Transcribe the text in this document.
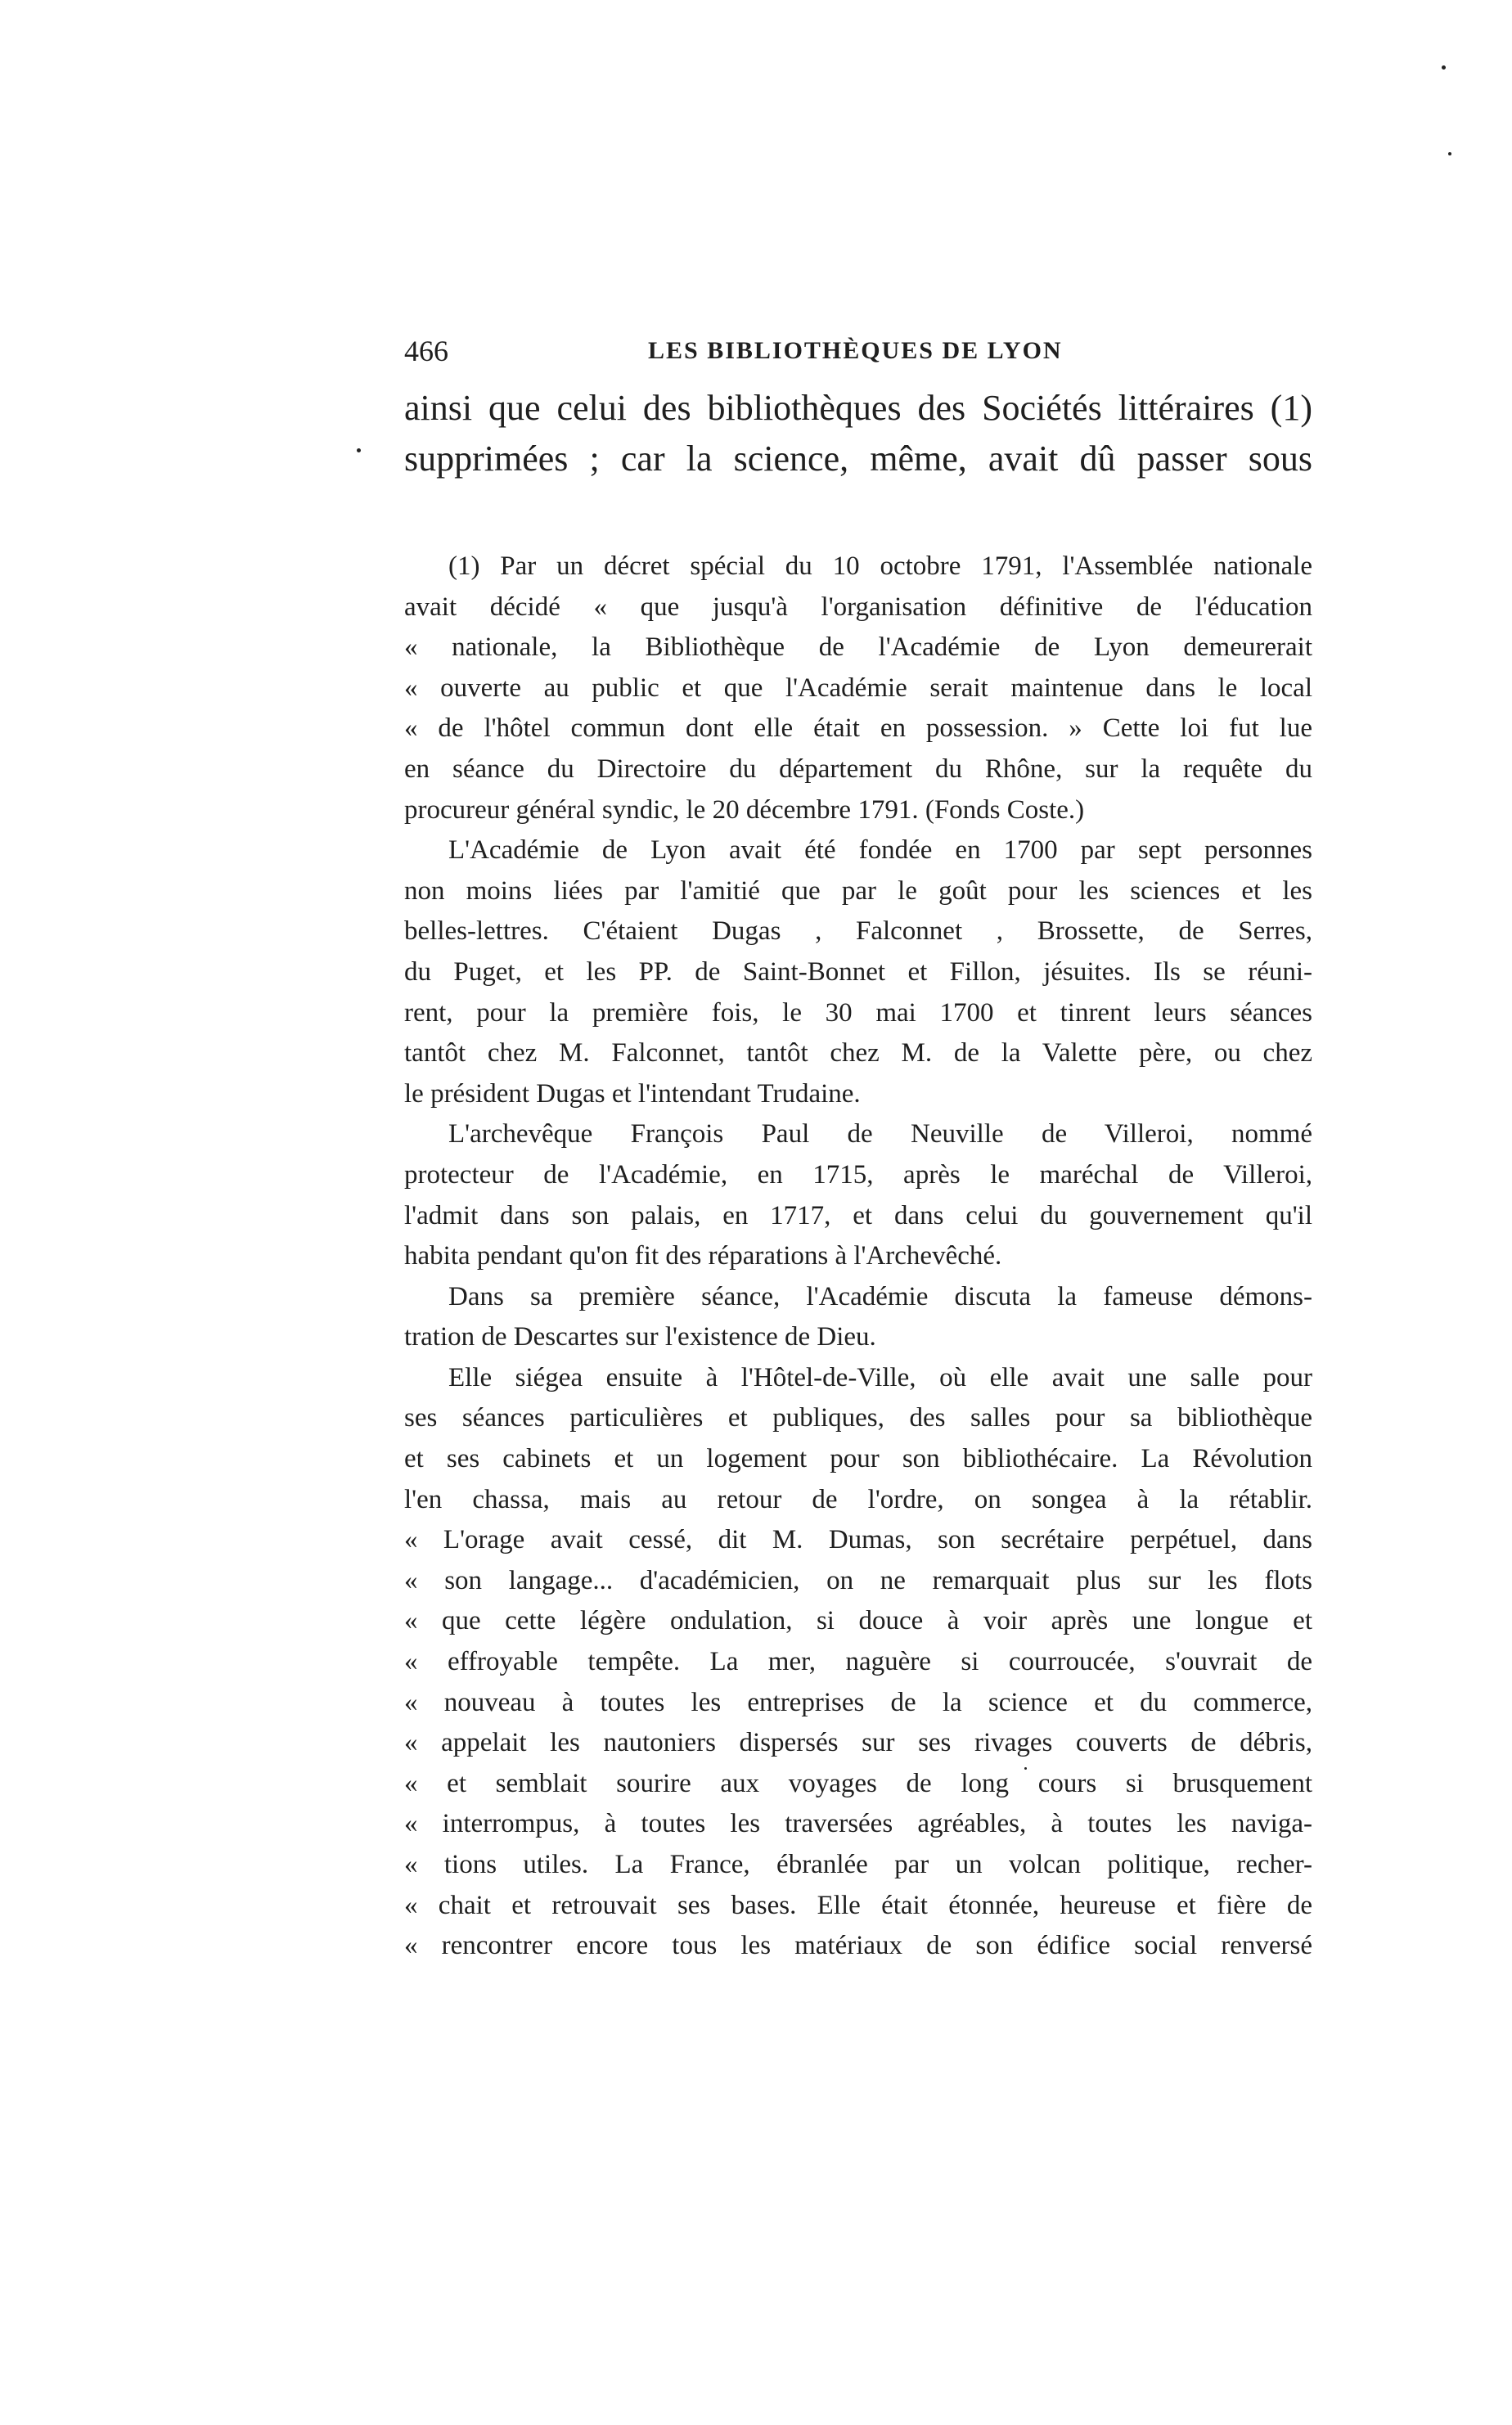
466	LES BIBLIOTHÈQUES DE LYON
ainsi que celui des bibliothèques des Sociétés littéraires (1)
supprimées ; car la science, même, avait dû passer sous
(1) Par un décret spécial du 10 octobre 1791, l'Assemblée nationale
avait décidé « que jusqu'à l'organisation définitive de l'éducation
« nationale, la Bibliothèque de l'Académie de Lyon demeurerait
« ouverte au public et que l'Académie serait maintenue dans le local
« de l'hôtel commun dont elle était en possession. » Cette loi fut lue
en séance du Directoire du département du Rhône, sur la requête du
procureur général syndic, le 20 décembre 1791. (Fonds Coste.)
L'Académie de Lyon avait été fondée en 1700 par sept personnes
non moins liées par l'amitié que par le goût pour les sciences et les
belles-lettres. C'étaient Dugas , Falconnet , Brossette, de Serres,
du Puget, et les PP. de Saint-Bonnet et Fillon, jésuites. Ils se réuni-
rent, pour la première fois, le 30 mai 1700 et tinrent leurs séances
tantôt chez M. Falconnet, tantôt chez M. de la Valette père, ou chez
le président Dugas et l'intendant Trudaine.
L'archevêque François Paul de Neuville de Villeroi, nommé
protecteur de l'Académie, en 1715, après le maréchal de Villeroi,
l'admit dans son palais, en 1717, et dans celui du gouvernement qu'il
habita pendant qu'on fit des réparations à l'Archevêché.
Dans sa première séance, l'Académie discuta la fameuse démons-
tration de Descartes sur l'existence de Dieu.
Elle siégea ensuite à l'Hôtel-de-Ville, où elle avait une salle pour
ses séances particulières et publiques, des salles pour sa bibliothèque
et ses cabinets et un logement pour son bibliothécaire. La Révolution
l'en chassa, mais au retour de l'ordre, on songea à la rétablir.
« L'orage avait cessé, dit M. Dumas, son secrétaire perpétuel, dans
« son langage... d'académicien, on ne remarquait plus sur les flots
« que cette légère ondulation, si douce à voir après une longue et
« effroyable tempête. La mer, naguère si courroucée, s'ouvrait de
« nouveau à toutes les entreprises de la science et du commerce,
« appelait les nautoniers dispersés sur ses rivages couverts de débris,
« et semblait sourire aux voyages de long cours si brusquement
« interrompus, à toutes les traversées agréables, à toutes les naviga-
« tions utiles. La France, ébranlée par un volcan politique, recher-
« chait et retrouvait ses bases. Elle était étonnée, heureuse et fière de
« rencontrer encore tous les matériaux de son édifice social renversé
